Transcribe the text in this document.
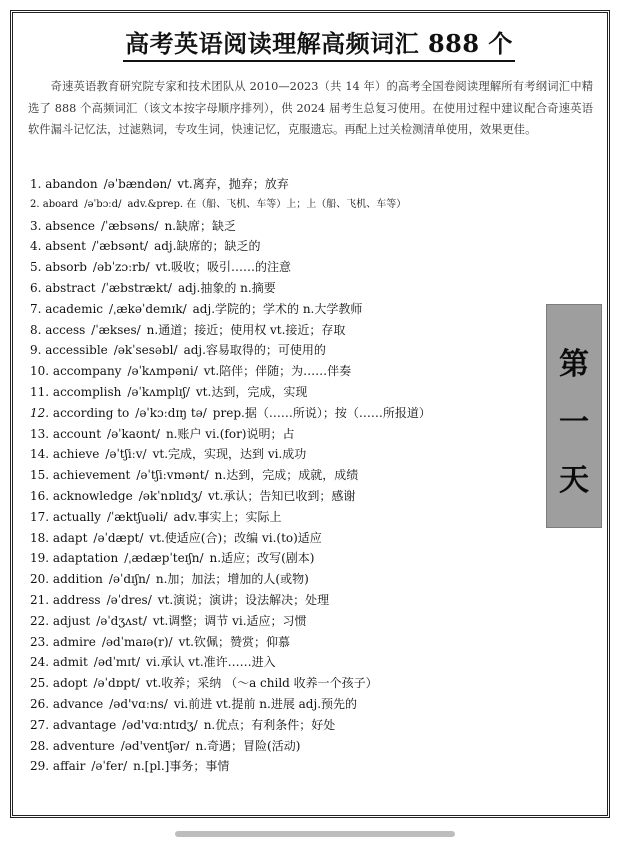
高考英语阅读理解高频词汇 888 个
奇速英语教育研究院专家和技术团队从 2010—2023（共 14 年）的高考全国卷阅读理解所有考纲词汇中精选了 888 个高频词汇（该文本按字母顺序排列），供 2024 届考生总复习使用。在使用过程中建议配合奇速英语软件漏斗记忆法，过滤熟词，专攻生词，快速记忆，克服遗忘。再配上过关检测清单使用，效果更佳。
1. abandon /əˈbændən/ vt.离弃，抛弃；放弃
2. aboard /əˈbɔːd/ adv.&prep. 在（船、飞机、车等）上；上（船、飞机、车等）
3. absence /ˈæbsəns/ n.缺席；缺乏
4. absent /ˈæbsənt/ adj.缺席的；缺乏的
5. absorb /əbˈzɔːrb/ vt.吸收；吸引……的注意
6. abstract /ˈæbstrækt/ adj.抽象的 n.摘要
7. academic /ˌækəˈdemɪk/ adj.学院的；学术的 n.大学教师
8. access /ˈækses/ n.通道；接近；使用权 vt.接近；存取
9. accessible /əkˈsesəbl/ adj.容易取得的；可使用的
10. accompany /əˈkʌmpəni/ vt.陪伴；伴随；为……伴奏
11. accomplish /əˈkʌmplɪʃ/ vt.达到，完成，实现
12. according to /əˈkɔːdɪŋ tə/ prep.据（……所说）；按（……所报道）
13. account /əˈkaʊnt/ n.账户 vi.(for)说明；占
14. achieve /əˈtʃiːv/ vt.完成，实现，达到 vi.成功
15. achievement /əˈtʃiːvmənt/ n.达到，完成；成就，成绩
16. acknowledge /əkˈnɒlɪdʒ/ vt.承认；告知已收到；感谢
17. actually /ˈæktʃuəli/ adv.事实上；实际上
18. adapt /əˈdæpt/ vt.使适应(合)；改编 vi.(to)适应
19. adaptation /ˌædæpˈteɪʃn/ n.适应；改写(剧本)
20. addition /əˈdɪʃn/ n.加；加法；增加的人(或物)
21. address /əˈdres/ vt.演说；演讲；设法解决；处理
22. adjust /əˈdʒʌst/ vt.调整；调节 vi.适应；习惯
23. admire /ədˈmaɪə(r)/ vt.钦佩；赞赏；仰慕
24. admit /ədˈmɪt/ vi.承认 vt.准许……进入
25. adopt /əˈdɒpt/ vt.收养；采纳 （～a child 收养一个孩子）
26. advance /əd'vɑːns/ vi.前进 vt.提前 n.进展 adj.预先的
27. advantage /əd'vɑːntɪdʒ/ n.优点；有利条件；好处
28. adventure /əd'ventʃər/ n.奇遇；冒险(活动)
29. affair /əˈfer/ n.[pl.]事务；事情
第
一
天
